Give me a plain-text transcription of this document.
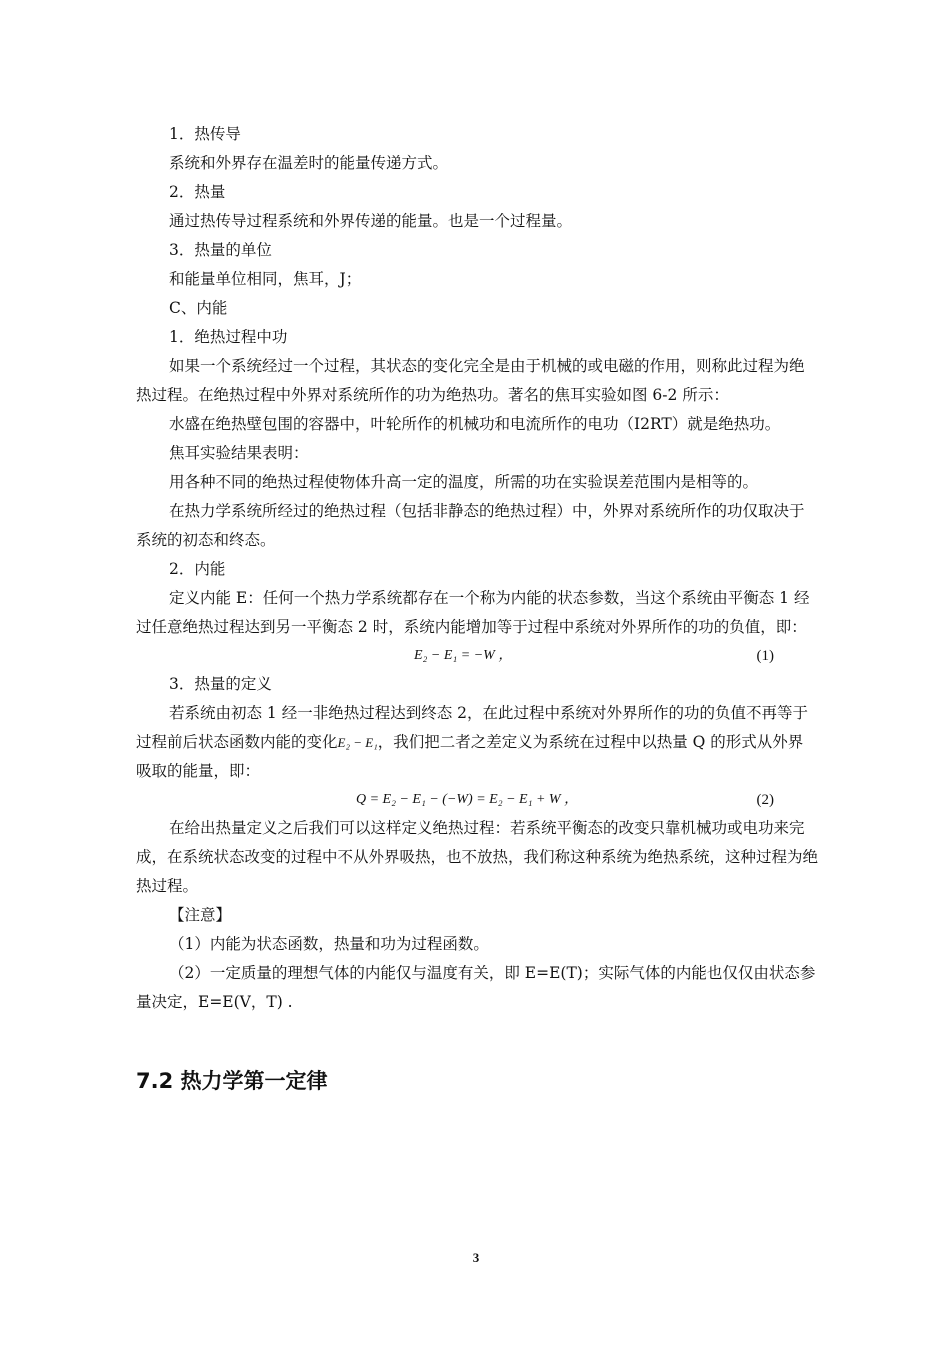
1．热传导

系统和外界存在温差时的能量传递方式。

2．热量

通过热传导过程系统和外界传递的能量。也是一个过程量。

3．热量的单位

和能量单位相同，焦耳，J；

C、内能

1．绝热过程中功

如果一个系统经过一个过程，其状态的变化完全是由于机械的或电磁的作用，则称此过程为绝热过程。在绝热过程中外界对系统所作的功为绝热功。著名的焦耳实验如图 6-2 所示：

水盛在绝热壁包围的容器中，叶轮所作的机械功和电流所作的电功（I2RT）就是绝热功。

焦耳实验结果表明：

用各种不同的绝热过程使物体升高一定的温度，所需的功在实验误差范围内是相等的。

在热力学系统所经过的绝热过程（包括非静态的绝热过程）中，外界对系统所作的功仅取决于系统的初态和终态。

2．内能

定义内能 E：任何一个热力学系统都存在一个称为内能的状态参数，当这个系统由平衡态 1 经过任意绝热过程达到另一平衡态 2 时，系统内能增加等于过程中系统对外界所作的功的负值，即：

E₂ − E₁ = −W ，	(1)

3．热量的定义

若系统由初态 1 经一非绝热过程达到终态 2，在此过程中系统对外界所作的功的负值不再等于过程前后状态函数内能的变化E₂ − E₁，我们把二者之差定义为系统在过程中以热量 Q 的形式从外界吸取的能量，即：

Q = E₂ − E₁ − (−W) = E₂ − E₁ + W ，	(2)

在给出热量定义之后我们可以这样定义绝热过程：若系统平衡态的改变只靠机械功或电功来完成，在系统状态改变的过程中不从外界吸热，也不放热，我们称这种系统为绝热系统，这种过程为绝热过程。

【注意】

（1）内能为状态函数，热量和功为过程函数。

（2）一定质量的理想气体的内能仅与温度有关，即 E=E(T)；实际气体的内能也仅仅由状态参量决定，E=E(V，T) .

7.2 热力学第一定律
3
